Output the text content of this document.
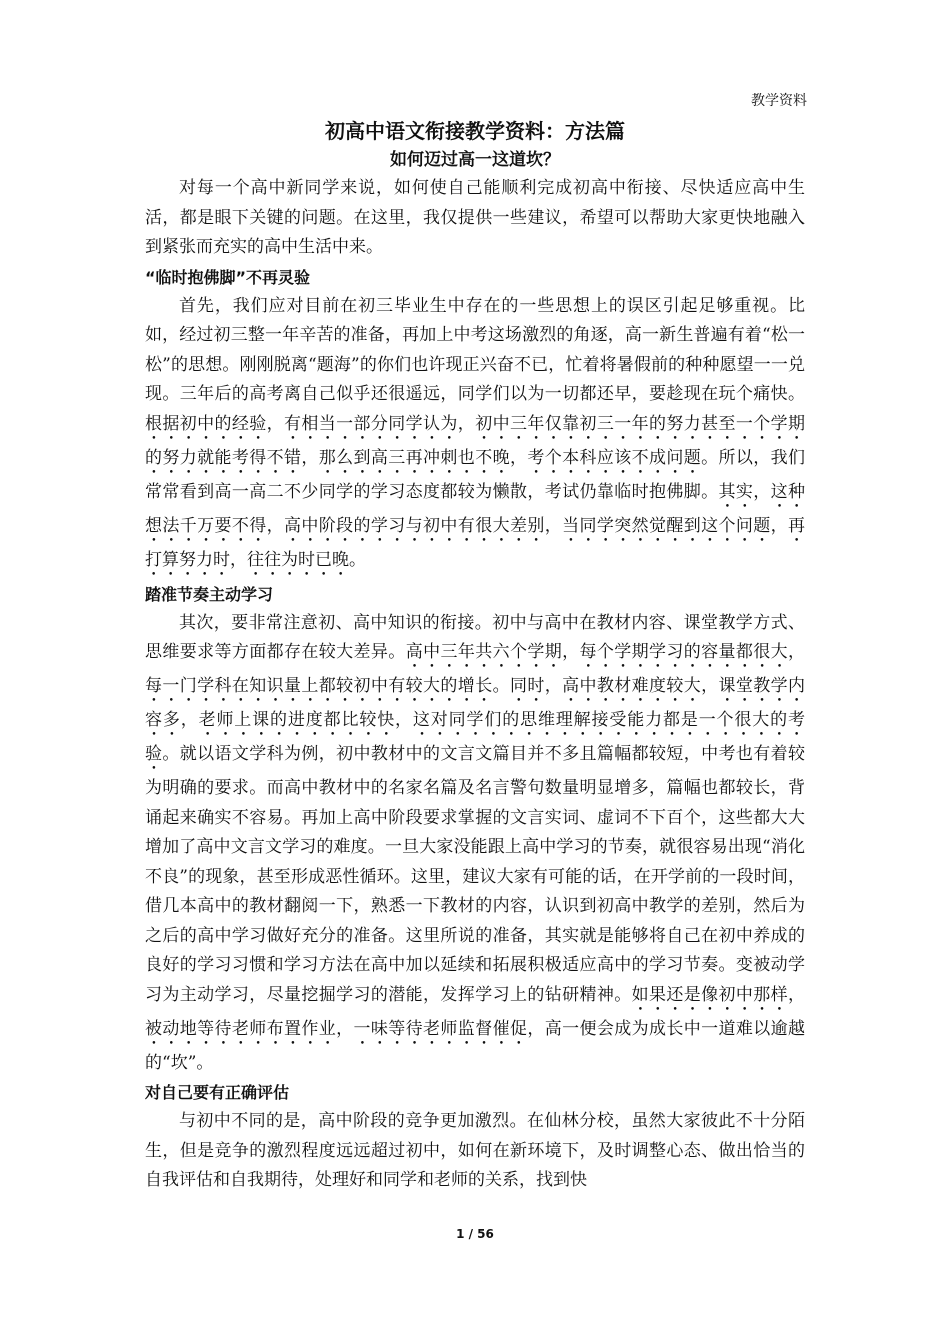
教学资料
初高中语文衔接教学资料：方法篇
如何迈过高一这道坎？

对每一个高中新同学来说，如何使自己能顺利完成初高中衔接、尽快适应高中生活，都是眼下关键的问题。在这里，我仅提供一些建议，希望可以帮助大家更快地融入到紧张而充实的高中生活中来。

“临时抱佛脚”不再灵验

首先，我们应对目前在初三毕业生中存在的一些思想上的误区引起足够重视。比如，经过初三整一年辛苦的准备，再加上中考这场激烈的角逐，高一新生普遍有着“松一松”的思想。刚刚脱离“题海”的你们也许现正兴奋不已，忙着将暑假前的种种愿望一一兑现。三年后的高考离自己似乎还很遥远，同学们以为一切都还早，要趁现在玩个痛快。根据初中的经验，有相当一部分同学认为，初中三年仅靠初三一年的努力甚至一个学期的努力就能考得不错，那么到高三再冲刺也不晚，考个本科应该不成问题。所以，我们常常看到高一高二不少同学的学习态度都较为懒散，考试仍靠临时抱佛脚。其实，这种想法千万要不得，高中阶段的学习与初中有很大差别，当同学突然觉醒到这个问题，再打算努力时，往往为时已晚。

踏准节奏主动学习

其次，要非常注意初、高中知识的衔接。初中与高中在教材内容、课堂教学方式、思维要求等方面都存在较大差异。高中三年共六个学期，每个学期学习的容量都很大，每一门学科在知识量上都较初中有较大的增长。同时，高中教材难度较大，课堂教学内容多，老师上课的进度都比较快，这对同学们的思维理解接受能力都是一个很大的考验。就以语文学科为例，初中教材中的文言文篇目并不多且篇幅都较短，中考也有着较为明确的要求。而高中教材中的名家名篇及名言警句数量明显增多，篇幅也都较长，背诵起来确实不容易。再加上高中阶段要求掌握的文言实词、虚词不下百个，这些都大大增加了高中文言文学习的难度。一旦大家没能跟上高中学习的节奏，就很容易出现“消化不良”的现象，甚至形成恶性循环。这里，建议大家有可能的话，在开学前的一段时间，借几本高中的教材翻阅一下，熟悉一下教材的内容，认识到初高中教学的差别，然后为之后的高中学习做好充分的准备。这里所说的准备，其实就是能够将自己在初中养成的良好的学习习惯和学习方法在高中加以延续和拓展积极适应高中的学习节奏。变被动学习为主动学习，尽量挖掘学习的潜能，发挥学习上的钻研精神。如果还是像初中那样，被动地等待老师布置作业，一味等待老师监督催促，高一便会成为成长中一道难以逾越的“坎”。

对自己要有正确评估

与初中不同的是，高中阶段的竞争更加激烈。在仙林分校，虽然大家彼此不十分陌生，但是竞争的激烈程度远远超过初中，如何在新环境下，及时调整心态、做出恰当的自我评估和自我期待，处理好和同学和老师的关系，找到快

1 / 56
